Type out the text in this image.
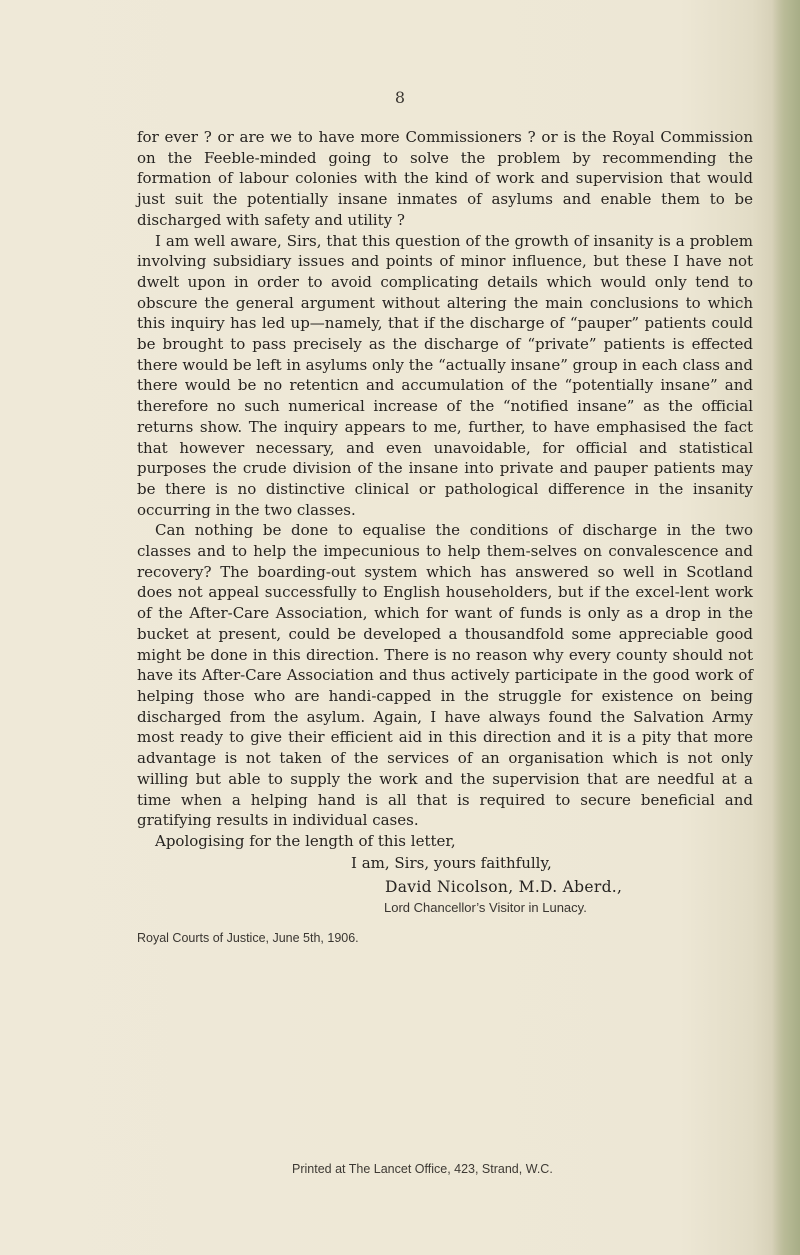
8

for ever ? or are we to have more Commissioners ? or is the Royal Commission on the Feeble-minded going to solve the problem by recommending the formation of labour colonies with the kind of work and supervision that would just suit the potentially insane inmates of asylums and enable them to be discharged with safety and utility ?

I am well aware, Sirs, that this question of the growth of insanity is a problem involving subsidiary issues and points of minor influence, but these I have not dwelt upon in order to avoid complicating details which would only tend to obscure the general argument without altering the main conclusions to which this inquiry has led up—namely, that if the discharge of “pauper” patients could be brought to pass precisely as the discharge of “private” patients is effected there would be left in asylums only the “actually insane” group in each class and there would be no retenticn and accumulation of the “potentially insane” and therefore no such numerical increase of the “notified insane” as the official returns show. The inquiry appears to me, further, to have emphasised the fact that however necessary, and even unavoidable, for official and statistical purposes the crude division of the insane into private and pauper patients may be there is no distinctive clinical or pathological difference in the insanity occurring in the two classes.

Can nothing be done to equalise the conditions of discharge in the two classes and to help the impecunious to help them-selves on convalescence and recovery? The boarding-out system which has answered so well in Scotland does not appeal successfully to English householders, but if the excel-lent work of the After-Care Association, which for want of funds is only as a drop in the bucket at present, could be developed a thousandfold some appreciable good might be done in this direction. There is no reason why every county should not have its After-Care Association and thus actively participate in the good work of helping those who are handi-capped in the struggle for existence on being discharged from the asylum. Again, I have always found the Salvation Army most ready to give their efficient aid in this direction and it is a pity that more advantage is not taken of the services of an organisation which is not only willing but able to supply the work and the supervision that are needful at a time when a helping hand is all that is required to secure beneficial and gratifying results in individual cases.

Apologising for the length of this letter,

I am, Sirs, yours faithfully,

David Nicolson, M.D. Aberd.,

Lord Chancellor’s Visitor in Lunacy.

Royal Courts of Justice, June 5th, 1906.

Printed at The Lancet Office, 423, Strand, W.C.
